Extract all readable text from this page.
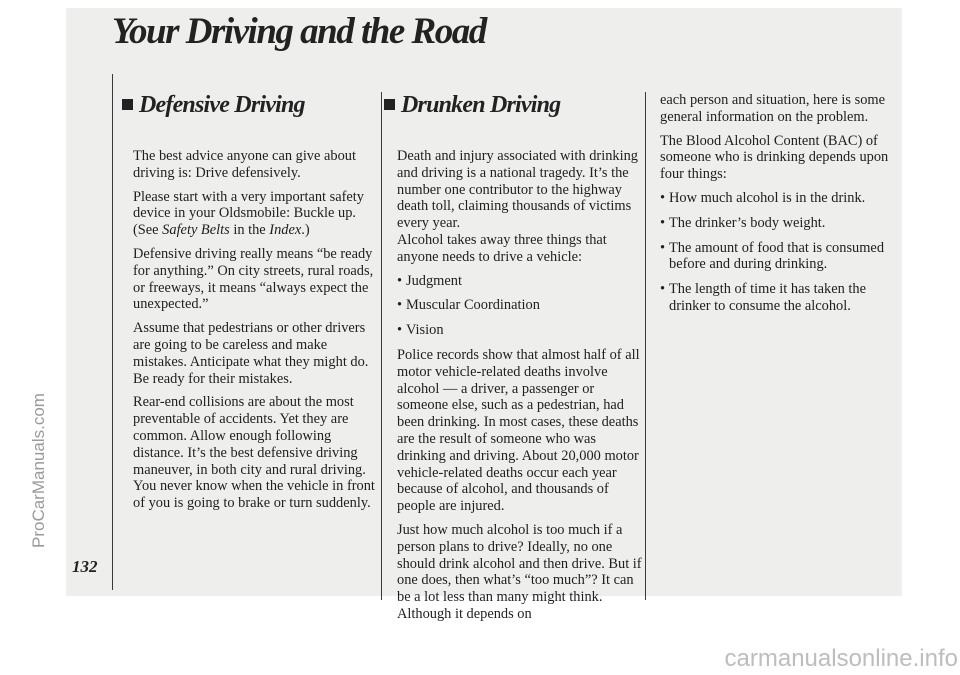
ProCarManuals.com
Your Driving and the Road
132
Defensive Driving

The best advice anyone can give about driving is: Drive defensively.

Please start with a very important safety device in your Oldsmobile: Buckle up. (See Safety Belts in the Index.)

Defensive driving really means “be ready for anything.” On city streets, rural roads, or freeways, it means “always expect the unexpected.”

Assume that pedestrians or other drivers are going to be careless and make mistakes. Anticipate what they might do. Be ready for their mistakes.

Rear-end collisions are about the most preventable of accidents. Yet they are common. Allow enough following distance. It’s the best defensive driving maneuver, in both city and rural driving. You never know when the vehicle in front of you is going to brake or turn suddenly.

Drunken Driving

Death and injury associated with drinking and driving is a national tragedy. It’s the number one contributor to the highway death toll, claiming thousands of victims every year.

Alcohol takes away three things that anyone needs to drive a vehicle:

• Judgment
• Muscular Coordination
• Vision

Police records show that almost half of all motor vehicle-related deaths involve alcohol — a driver, a passenger or someone else, such as a pedestrian, had been drinking. In most cases, these deaths are the result of someone who was drinking and driving. About 20,000 motor vehicle-related deaths occur each year because of alcohol, and thousands of people are injured.

Just how much alcohol is too much if a person plans to drive? Ideally, no one should drink alcohol and then drive. But if one does, then what’s “too much”? It can be a lot less than many might think. Although it depends on

each person and situation, here is some general information on the problem.

The Blood Alcohol Content (BAC) of someone who is drinking depends upon four things:

• How much alcohol is in the drink.
• The drinker’s body weight.
• The amount of food that is consumed before and during drinking.
• The length of time it has taken the drinker to consume the alcohol.
carmanualsonline.info
